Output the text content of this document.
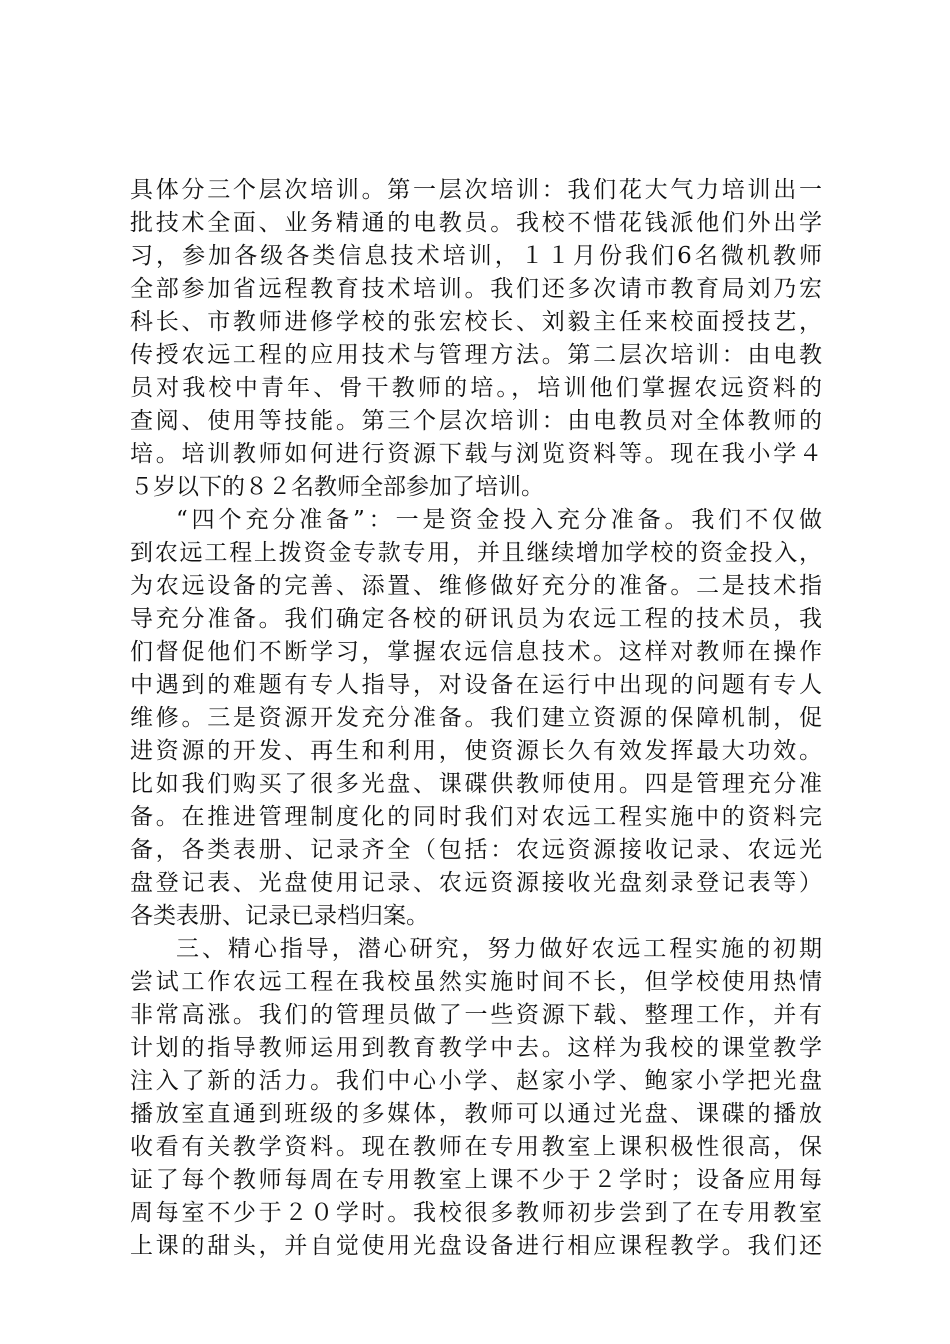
具体分三个层次培训。第一层次培训：我们花大气力培训出一
批技术全面、业务精通的电教员。我校不惜花钱派他们外出学
习，参加各级各类信息技术培训，１１月份我们6名微机教师
全部参加省远程教育技术培训。我们还多次请市教育局刘乃宏
科长、市教师进修学校的张宏校长、刘毅主任来校面授技艺，
传授农远工程的应用技术与管理方法。第二层次培训：由电教
员对我校中青年、骨干教师的培。，培训他们掌握农远资料的
查阅、使用等技能。第三个层次培训：由电教员对全体教师的
培。培训教师如何进行资源下载与浏览资料等。现在我小学４
５岁以下的８２名教师全部参加了培训。
“四个充分准备”：一是资金投入充分准备。我们不仅做
到农远工程上拨资金专款专用，并且继续增加学校的资金投入，
为农远设备的完善、添置、维修做好充分的准备。二是技术指
导充分准备。我们确定各校的研讯员为农远工程的技术员，我
们督促他们不断学习，掌握农远信息技术。这样对教师在操作
中遇到的难题有专人指导，对设备在运行中出现的问题有专人
维修。三是资源开发充分准备。我们建立资源的保障机制，促
进资源的开发、再生和利用，使资源长久有效发挥最大功效。
比如我们购买了很多光盘、课碟供教师使用。四是管理充分准
备。在推进管理制度化的同时我们对农远工程实施中的资料完
备，各类表册、记录齐全（包括：农远资源接收记录、农远光
盘登记表、光盘使用记录、农远资源接收光盘刻录登记表等）
各类表册、记录已录档归案。
三、精心指导，潜心研究，努力做好农远工程实施的初期
尝试工作农远工程在我校虽然实施时间不长，但学校使用热情
非常高涨。我们的管理员做了一些资源下载、整理工作，并有
计划的指导教师运用到教育教学中去。这样为我校的课堂教学
注入了新的活力。我们中心小学、赵家小学、鲍家小学把光盘
播放室直通到班级的多媒体，教师可以通过光盘、课碟的播放
收看有关教学资料。现在教师在专用教室上课积极性很高，保
证了每个教师每周在专用教室上课不少于２学时；设备应用每
周每室不少于２０学时。我校很多教师初步尝到了在专用教室
上课的甜头，并自觉使用光盘设备进行相应课程教学。我们还
